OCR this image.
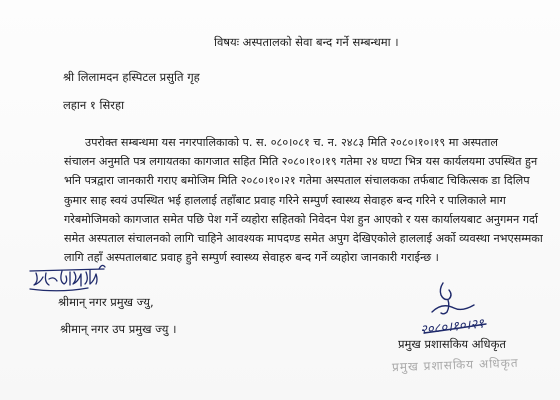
विषयः अस्पतालको सेवा बन्द गर्ने सम्बन्धमा ।
श्री लिलामदन हस्पिटल प्रसुति गृह
लहान १ सिरहा
उपरोक्त सम्बन्धमा यस नगरपालिकाको प. स. ०८०।०८१ च. न. २४८३ मिति २०८०।१०।१९ मा अस्पताल
संचालन अनुमति पत्र लगायतका कागजात सहित मिति २०८०।१०।१९ गतेमा २४ घण्टा भित्र यस कार्यलयमा उपस्थित हुन
भनि पत्रद्वारा जानकारी गराए बमोजिम मिति २०८०।१०।२१ गतेमा अस्पताल संचालकका तर्फबाट चिकित्सक डा दिलिप
कुमार साह स्वयं उपस्थित भई हाललाई तहाँबाट प्रवाह गरिने सम्पुर्ण स्वास्थ्य सेवाहरु बन्द गरिने र पालिकाले माग
गरेबमोजिमको कागजात समेत पछि पेश गर्ने व्यहोरा सहितको निवेदन पेश हुन आएको र यस कार्यालयबाट अनुगमन गर्दा
समेत अस्पताल संचालनको लागि चाहिने आवश्यक मापदण्ड समेत अपुग देखिएकोले हाललाई अर्को व्यवस्था नभएसम्मका
लागि तहाँ अस्पतालबाट प्रवाह हुने सम्पुर्ण स्वास्थ्य सेवाहरु बन्द गर्ने व्यहोरा जानकारी गराईन्छ ।
श्रीमान् नगर प्रमुख ज्यु,
श्रीमान् नगर उप प्रमुख ज्यु ।	२०८०।१०।२१
प्रमुख प्रशासकिय अधिकृत
प्रमुख प्रशासकिय अधिकृत
